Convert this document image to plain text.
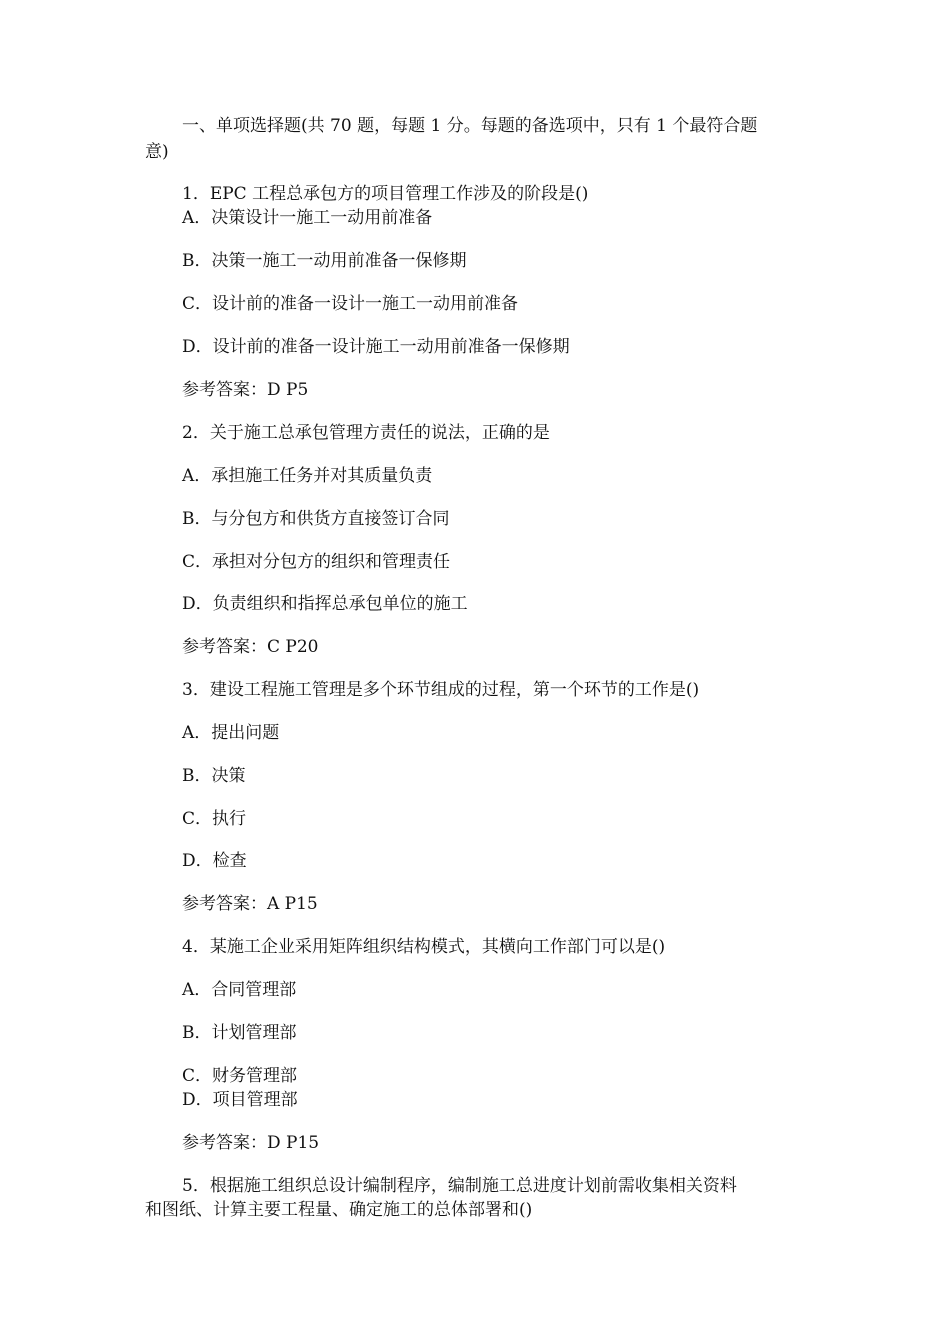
一、单项选择题(共 70 题，每题 1 分。每题的备选项中，只有 1 个最符合题
意)
1．EPC 工程总承包方的项目管理工作涉及的阶段是()
A．决策设计一施工一动用前准备
B．决策一施工一动用前准备一保修期
C．设计前的准备一设计一施工一动用前准备
D．设计前的准备一设计施工一动用前准备一保修期
参考答案：D P5
2．关于施工总承包管理方责任的说法，正确的是
A．承担施工任务并对其质量负责
B．与分包方和供货方直接签订合同
C．承担对分包方的组织和管理责任
D．负责组织和指挥总承包单位的施工
参考答案：C P20
3．建设工程施工管理是多个环节组成的过程，第一个环节的工作是()
A．提出问题
B．决策
C．执行
D．检查
参考答案：A P15
4．某施工企业采用矩阵组织结构模式，其横向工作部门可以是()
A．合同管理部
B．计划管理部
C．财务管理部
D．项目管理部
参考答案：D P15
5．根据施工组织总设计编制程序，编制施工总进度计划前需收集相关资料
和图纸、计算主要工程量、确定施工的总体部署和()
